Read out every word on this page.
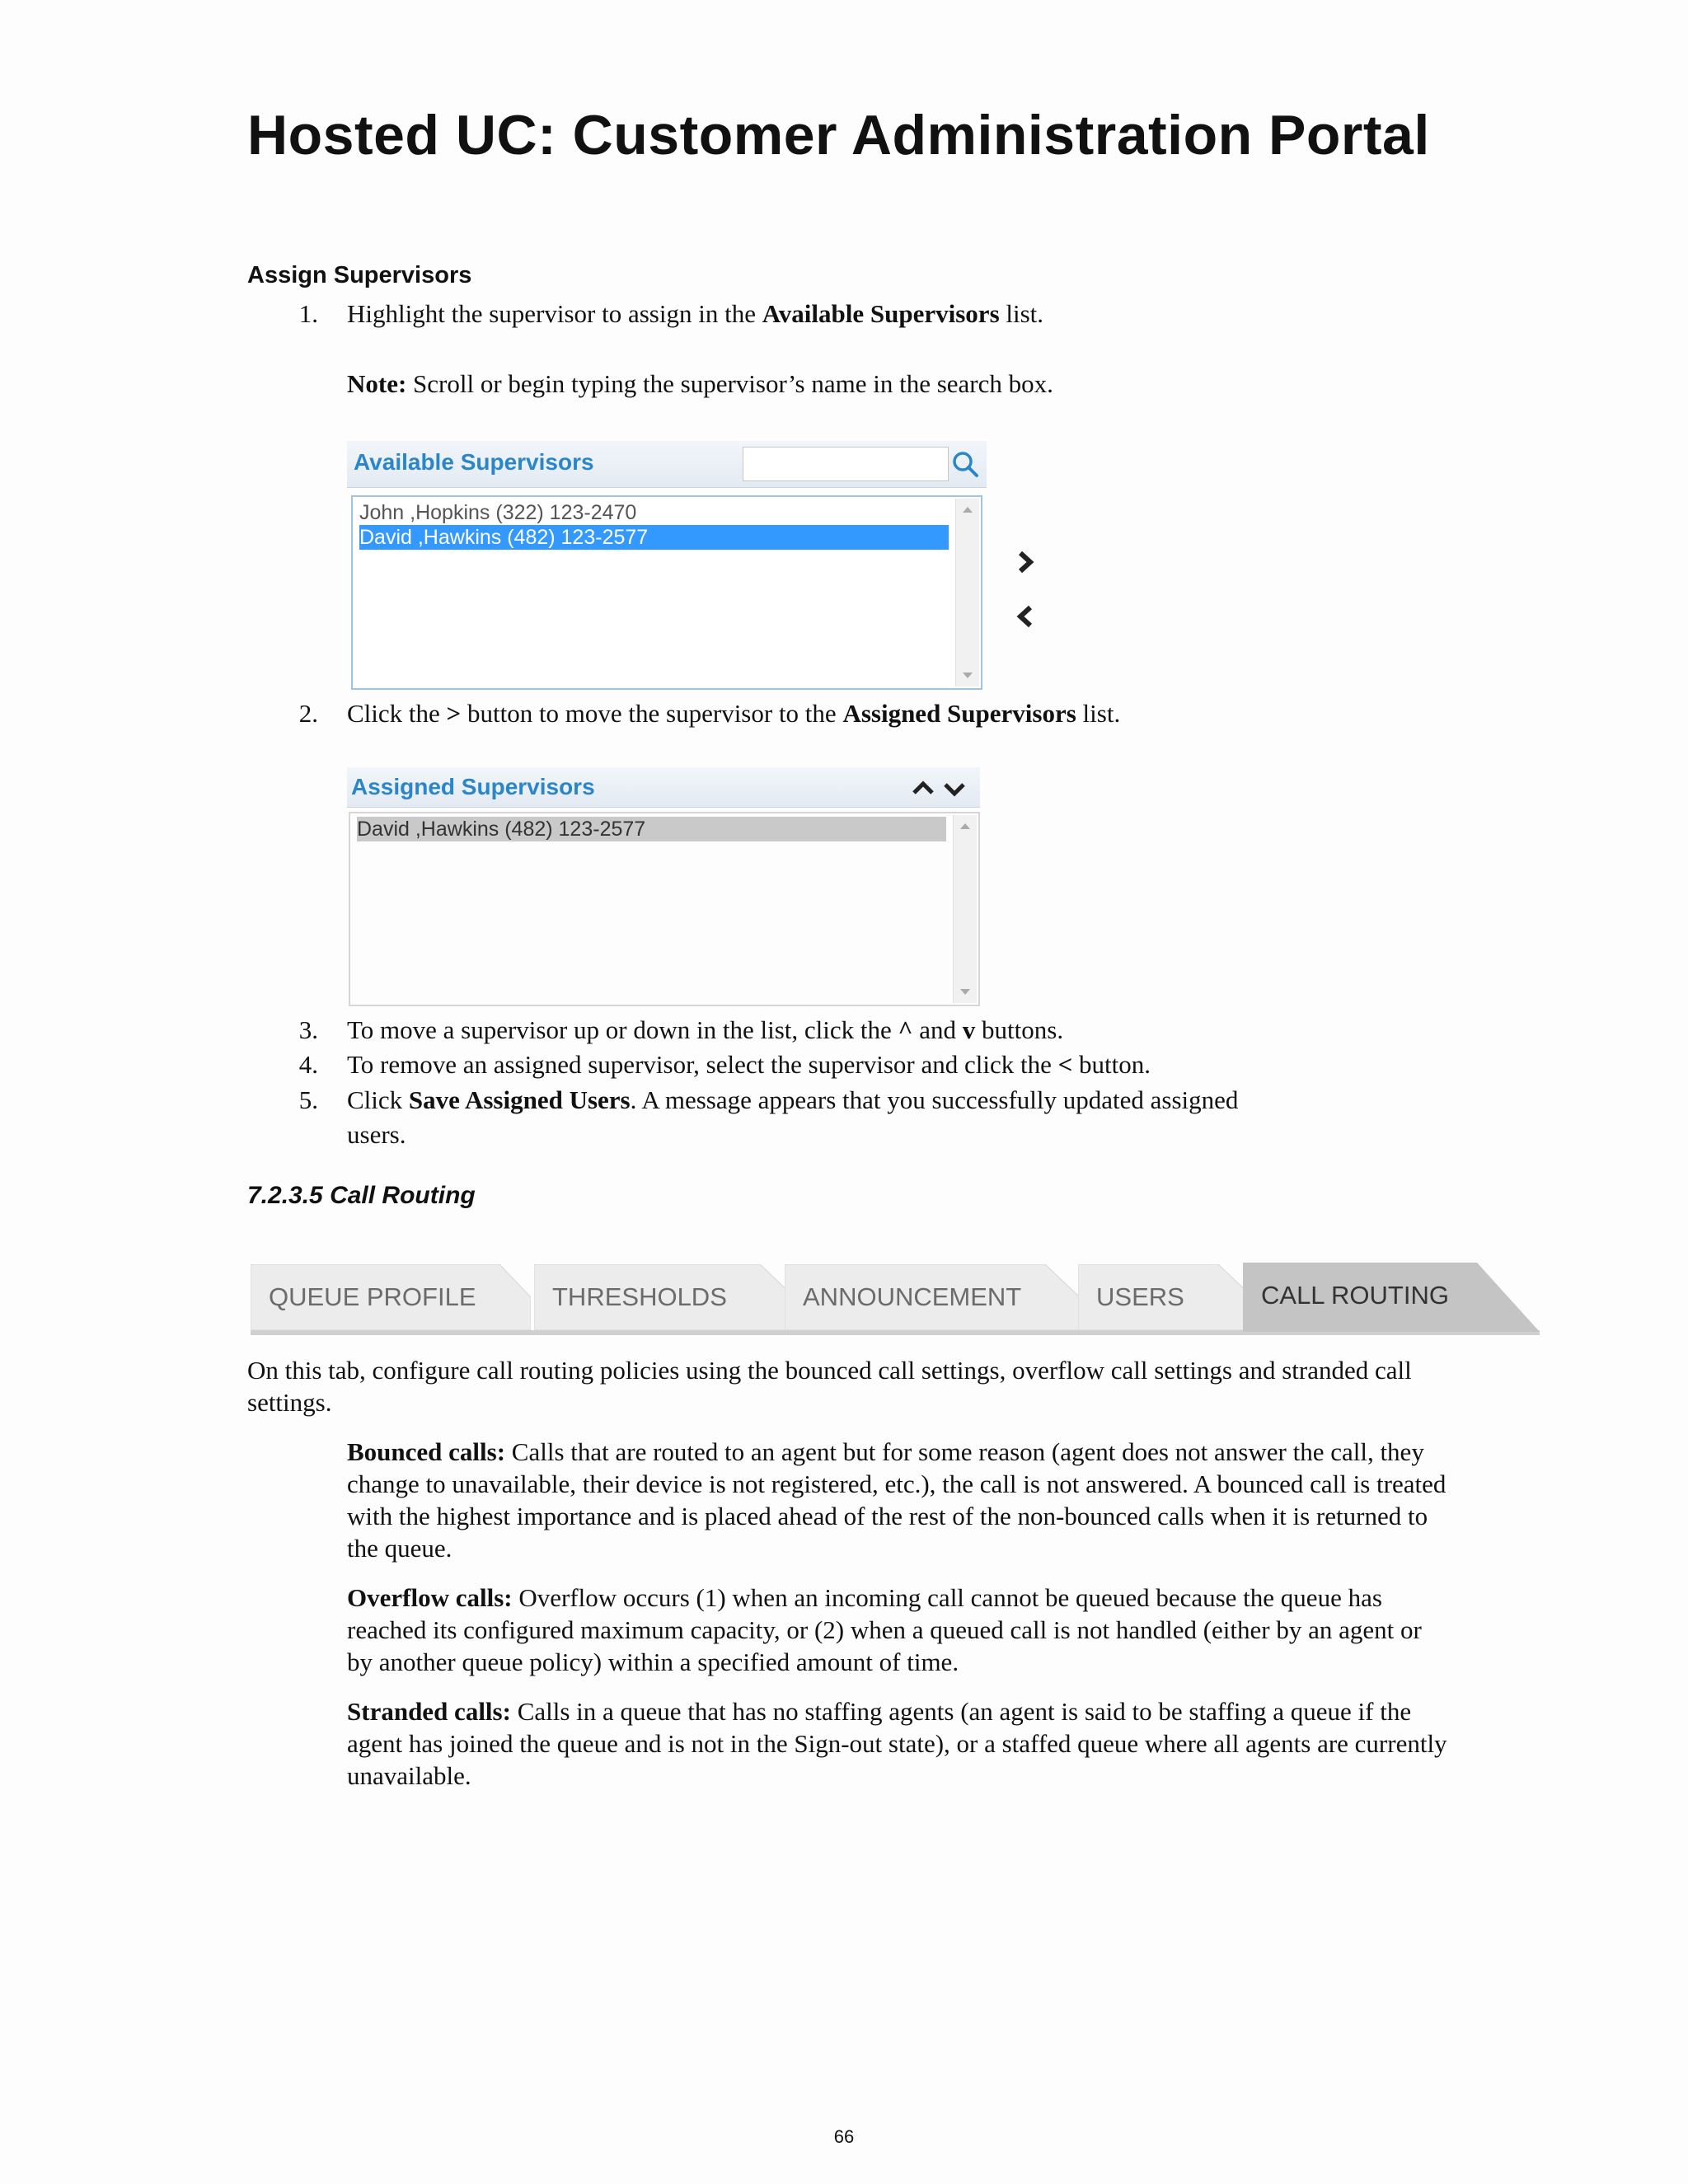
Hosted UC: Customer Administration Portal
Assign Supervisors
1. Highlight the supervisor to assign in the Available Supervisors list.
Note: Scroll or begin typing the supervisor’s name in the search box.
Available Supervisors
John ,Hopkins (322) 123-2470
David ,Hawkins (482) 123-2577
2. Click the > button to move the supervisor to the Assigned Supervisors list.
Assigned Supervisors
David ,Hawkins (482) 123-2577
3. To move a supervisor up or down in the list, click the ^ and v buttons.
4. To remove an assigned supervisor, select the supervisor and click the < button.
5. Click Save Assigned Users. A message appears that you successfully updated assigned
users.
7.2.3.5 Call Routing
QUEUE PROFILE	THRESHOLDS	ANNOUNCEMENT	USERS	CALL ROUTING
On this tab, configure call routing policies using the bounced call settings, overflow call settings and stranded call settings.
Bounced calls: Calls that are routed to an agent but for some reason (agent does not answer the call, they change to unavailable, their device is not registered, etc.), the call is not answered. A bounced call is treated with the highest importance and is placed ahead of the rest of the non-bounced calls when it is returned to the queue.
Overflow calls: Overflow occurs (1) when an incoming call cannot be queued because the queue has reached its configured maximum capacity, or (2) when a queued call is not handled (either by an agent or by another queue policy) within a specified amount of time.
Stranded calls: Calls in a queue that has no staffing agents (an agent is said to be staffing a queue if the agent has joined the queue and is not in the Sign-out state), or a staffed queue where all agents are currently unavailable.
66
